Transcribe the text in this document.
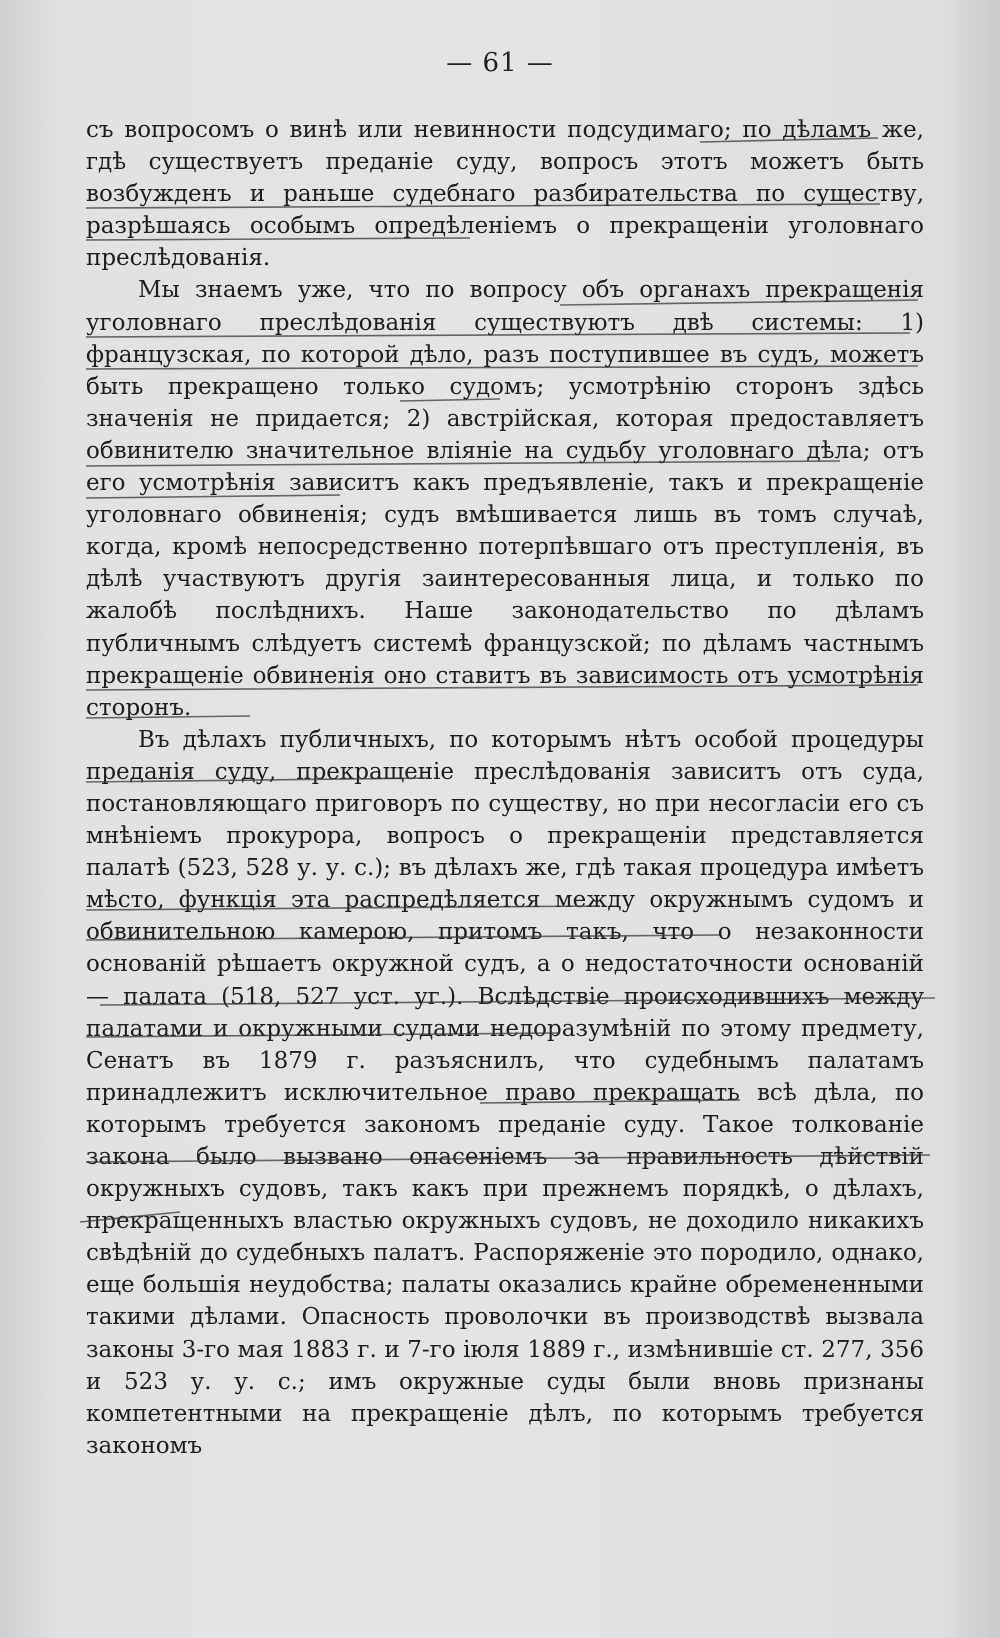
— 61 —

съ вопросомъ о винѣ или невинности подсудимаго; по дѣламъ же, гдѣ существуетъ преданіе суду, вопросъ этотъ можетъ быть возбужденъ и раньше судебнаго разбирательства по существу, разрѣшаясь особымъ опредѣленіемъ о прекращеніи уголовнаго преслѣдованія.

Мы знаемъ уже, что по вопросу объ органахъ прекращенія уголовнаго преслѣдованія существуютъ двѣ системы: 1) французская, по которой дѣло, разъ поступившее въ судъ, можетъ быть прекращено только судомъ; усмотрѣнію сторонъ здѣсь значенія не придается; 2) австрійская, которая предоставляетъ обвинителю значительное вліяніе на судьбу уголовнаго дѣла; отъ его усмотрѣнія зависитъ какъ предъявленіе, такъ и прекращеніе уголовнаго обвиненія; судъ вмѣшивается лишь въ томъ случаѣ, когда, кромѣ непосредственно потерпѣвшаго отъ преступленія, въ дѣлѣ участвуютъ другія заинтересованныя лица, и только по жалобѣ послѣднихъ. Наше законодательство по дѣламъ публичнымъ слѣдуетъ системѣ французской; по дѣламъ частнымъ прекращеніе обвиненія оно ставитъ въ зависимость отъ усмотрѣнія сторонъ.

Въ дѣлахъ публичныхъ, по которымъ нѣтъ особой процедуры преданія суду, прекращеніе преслѣдованія зависитъ отъ суда, постановляющаго приговоръ по существу, но при несогласіи его съ мнѣніемъ прокурора, вопросъ о прекращеніи представляется палатѣ (523, 528 у. у. с.); въ дѣлахъ же, гдѣ такая процедура имѣетъ мѣсто, функція эта распредѣляется между окружнымъ судомъ и обвинительною камерою, притомъ такъ, что о незаконности основаній рѣшаетъ окружной судъ, а о недостаточности основаній — палата (518, 527 уст. уг.). Вслѣдствіе происходившихъ между палатами и окружными судами недоразумѣній по этому предмету, Сенатъ въ 1879 г. разъяснилъ, что судебнымъ палатамъ принадлежитъ исключительное право прекращать всѣ дѣла, по которымъ требуется закономъ преданіе суду. Такое толкованіе закона было вызвано опасеніемъ за правильность дѣйствій окружныхъ судовъ, такъ какъ при прежнемъ порядкѣ, о дѣлахъ, прекращенныхъ властью окружныхъ судовъ, не доходило никакихъ свѣдѣній до судебныхъ палатъ. Распоряженіе это породило, однако, еще большія неудобства; палаты оказались крайне обремененными такими дѣлами. Опасность проволочки въ производствѣ вызвала законы 3-го мая 1883 г. и 7-го іюля 1889 г., измѣнившіе ст. 277, 356 и 523 у. у. с.; имъ окружные суды были вновь признаны компетентными на прекращеніе дѣлъ, по которымъ требуется закономъ
